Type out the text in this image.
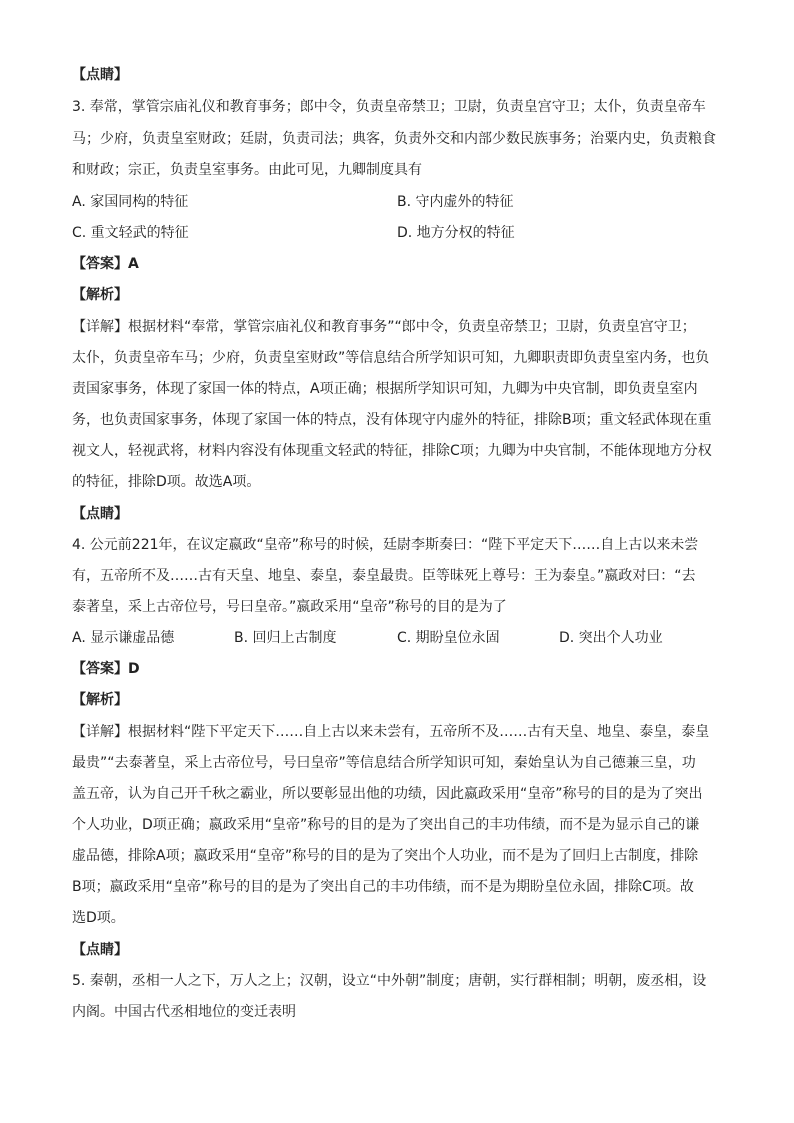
【点睛】
3. 奉常，掌管宗庙礼仪和教育事务；郎中令，负责皇帝禁卫；卫尉，负责皇宫守卫；太仆，负责皇帝车
马；少府，负责皇室财政；廷尉，负责司法；典客，负责外交和内部少数民族事务；治粟内史，负责粮食
和财政；宗正，负责皇室事务。由此可见，九卿制度具有
A. 家国同构的特征	B. 守内虚外的特征
C. 重文轻武的特征	D. 地方分权的特征
【答案】A
【解析】
【详解】根据材料“奉常，掌管宗庙礼仪和教育事务”“郎中令，负责皇帝禁卫；卫尉，负责皇宫守卫；
太仆，负责皇帝车马；少府，负责皇室财政”等信息结合所学知识可知，九卿职责即负责皇室内务，也负
责国家事务，体现了家国一体的特点，A项正确；根据所学知识可知，九卿为中央官制，即负责皇室内
务，也负责国家事务，体现了家国一体的特点，没有体现守内虚外的特征，排除B项；重文轻武体现在重
视文人，轻视武将，材料内容没有体现重文轻武的特征，排除C项；九卿为中央官制，不能体现地方分权
的特征，排除D项。故选A项。
【点睛】
4. 公元前221年，在议定嬴政“皇帝”称号的时候，廷尉李斯奏曰：“陛下平定天下……自上古以来未尝
有，五帝所不及……古有天皇、地皇、泰皇，泰皇最贵。臣等昧死上尊号：王为泰皇。”嬴政对曰：“去
泰著皇，采上古帝位号，号曰皇帝。”嬴政采用“皇帝”称号的目的是为了
A. 显示谦虚品德	B. 回归上古制度	C. 期盼皇位永固	D. 突出个人功业
【答案】D
【解析】
【详解】根据材料“陛下平定天下……自上古以来未尝有，五帝所不及……古有天皇、地皇、泰皇，泰皇
最贵”“去泰著皇，采上古帝位号，号曰皇帝”等信息结合所学知识可知，秦始皇认为自己德兼三皇，功
盖五帝，认为自己开千秋之霸业，所以要彰显出他的功绩，因此嬴政采用“皇帝”称号的目的是为了突出
个人功业，D项正确；嬴政采用“皇帝”称号的目的是为了突出自己的丰功伟绩，而不是为显示自己的谦
虚品德，排除A项；嬴政采用“皇帝”称号的目的是为了突出个人功业，而不是为了回归上古制度，排除
B项；嬴政采用“皇帝”称号的目的是为了突出自己的丰功伟绩，而不是为期盼皇位永固，排除C项。故
选D项。
【点睛】
5. 秦朝，丞相一人之下，万人之上；汉朝，设立“中外朝”制度；唐朝，实行群相制；明朝，废丞相，设
内阁。中国古代丞相地位的变迁表明
